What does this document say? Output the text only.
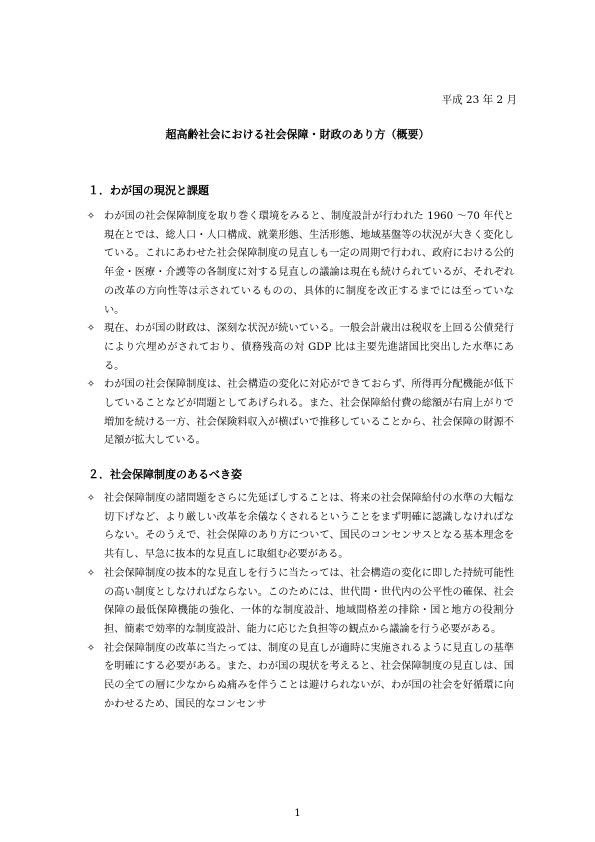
平成 23 年 2 月
超高齢社会における社会保障・財政のあり方（概要）
１．わが国の現況と課題
✧ わが国の社会保障制度を取り巻く環境をみると、制度設計が行われた 1960 〜70 年代と現在とでは、総人口・人口構成、就業形態、生活形態、地域基盤等の状況が大きく変化している。これにあわせた社会保障制度の見直しも一定の周期で行われ、政府における公的年金・医療・介護等の各制度に対する見直しの議論は現在も続けられているが、それぞれの改革の方向性等は示されているものの、具体的に制度を改正するまでには至っていない。
✧ 現在、わが国の財政は、深刻な状況が続いている。一般会計歳出は税収を上回る公債発行により穴埋めがされており、債務残高の対 GDP 比は主要先進諸国比突出した水準にある。
✧ わが国の社会保障制度は、社会構造の変化に対応ができておらず、所得再分配機能が低下していることなどが問題としてあげられる。また、社会保障給付費の総額が右肩上がりで増加を続ける一方、社会保険料収入が横ばいで推移していることから、社会保障の財源不足額が拡大している。
２．社会保障制度のあるべき姿
✧ 社会保障制度の諸問題をさらに先延ばしすることは、将来の社会保障給付の水準の大幅な切下げなど、より厳しい改革を余儀なくされるということをまず明確に認識しなければならない。そのうえで、社会保障のあり方について、国民のコンセンサスとなる基本理念を共有し、早急に抜本的な見直しに取組む必要がある。
✧ 社会保障制度の抜本的な見直しを行うに当たっては、社会構造の変化に即した持続可能性の高い制度としなければならない。このためには、世代間・世代内の公平性の確保、社会保障の最低保障機能の強化、一体的な制度設計、地域間格差の排除・国と地方の役割分担、簡素で効率的な制度設計、能力に応じた負担等の観点から議論を行う必要がある。
✧ 社会保障制度の改革に当たっては、制度の見直しが適時に実施されるように見直しの基準を明確にする必要がある。また、わが国の現状を考えると、社会保障制度の見直しは、国民の全ての層に少なからぬ痛みを伴うことは避けられないが、わが国の社会を好循環に向かわせるため、国民的なコンセンサ
1
